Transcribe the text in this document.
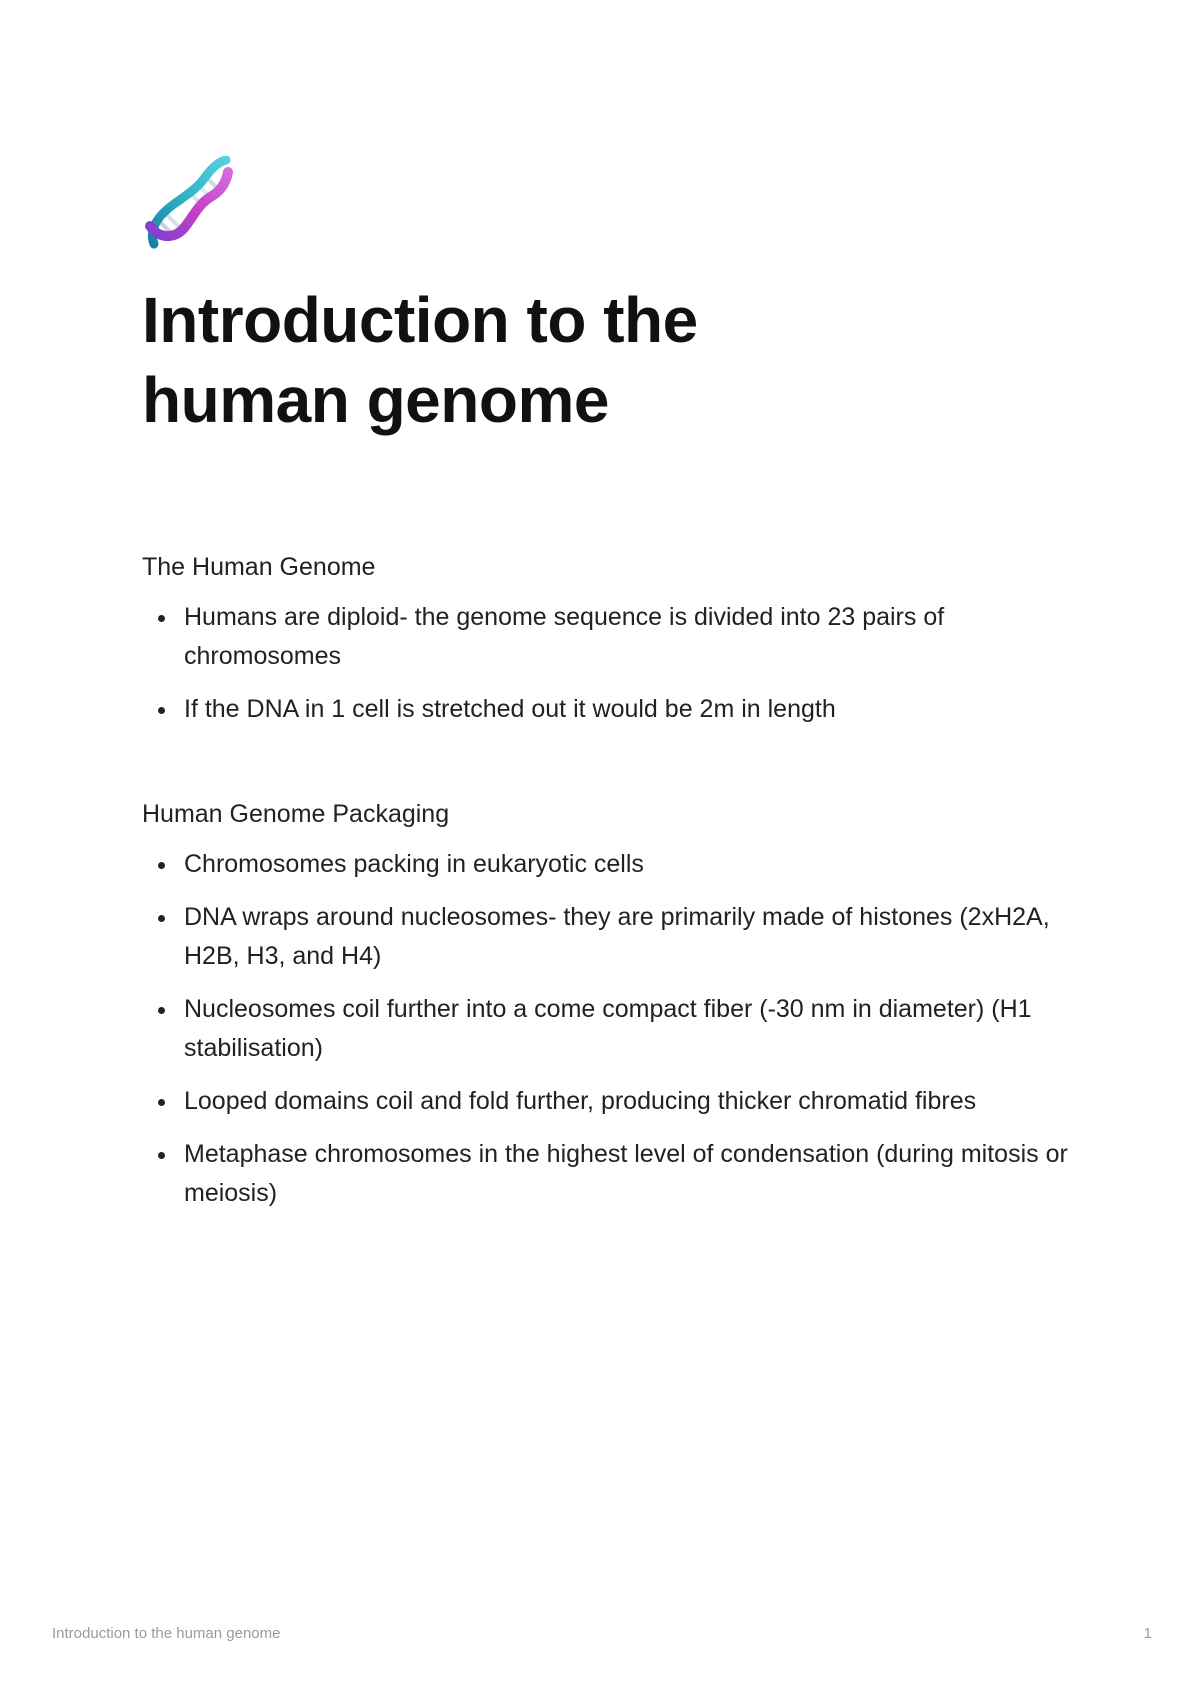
Introduction to the human genome
The Human Genome
Humans are diploid- the genome sequence is divided into 23 pairs of chromosomes
If the DNA in 1 cell is stretched out it would be 2m in length
Human Genome Packaging
Chromosomes packing in eukaryotic cells
DNA wraps around nucleosomes- they are primarily made of histones (2xH2A, H2B, H3, and H4)
Nucleosomes coil further into a come compact fiber (-30 nm in diameter) (H1 stabilisation)
Looped domains coil and fold further, producing thicker chromatid fibres
Metaphase chromosomes in the highest level of condensation (during mitosis or meiosis)
Introduction to the human genome	1
